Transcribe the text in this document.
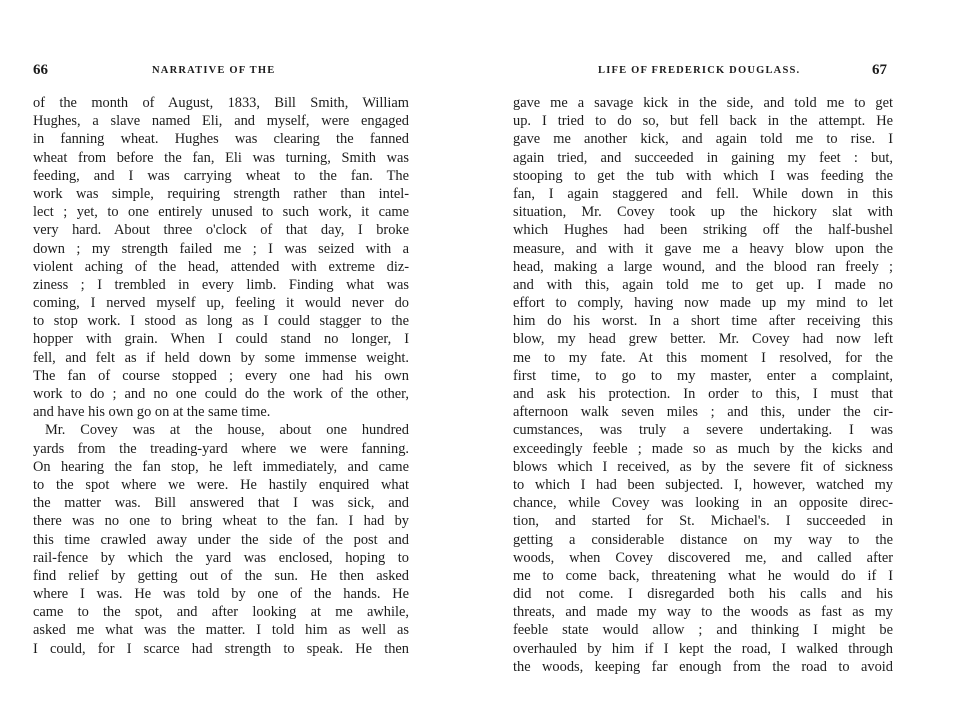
66	NARRATIVE OF THE
of the month of August, 1833, Bill Smith, William
Hughes, a slave named Eli, and myself, were engaged
in fanning wheat. Hughes was clearing the fanned
wheat from before the fan, Eli was turning, Smith was
feeding, and I was carrying wheat to the fan. The
work was simple, requiring strength rather than intel-
lect ; yet, to one entirely unused to such work, it came
very hard. About three o'clock of that day, I broke
down ; my strength failed me ; I was seized with a
violent aching of the head, attended with extreme diz-
ziness ; I trembled in every limb. Finding what was
coming, I nerved myself up, feeling it would never do
to stop work. I stood as long as I could stagger to the
hopper with grain. When I could stand no longer, I
fell, and felt as if held down by some immense weight.
The fan of course stopped ; every one had his own
work to do ; and no one could do the work of the other,
and have his own go on at the same time.
Mr. Covey was at the house, about one hundred
yards from the treading-yard where we were fanning.
On hearing the fan stop, he left immediately, and came
to the spot where we were. He hastily enquired what
the matter was. Bill answered that I was sick, and
there was no one to bring wheat to the fan. I had by
this time crawled away under the side of the post and
rail-fence by which the yard was enclosed, hoping to
find relief by getting out of the sun. He then asked
where I was. He was told by one of the hands. He
came to the spot, and after looking at me awhile,
asked me what was the matter. I told him as well as
I could, for I scarce had strength to speak. He then
LIFE OF FREDERICK DOUGLASS.	67
gave me a savage kick in the side, and told me to get
up. I tried to do so, but fell back in the attempt. He
gave me another kick, and again told me to rise. I
again tried, and succeeded in gaining my feet : but,
stooping to get the tub with which I was feeding the
fan, I again staggered and fell. While down in this
situation, Mr. Covey took up the hickory slat with
which Hughes had been striking off the half-bushel
measure, and with it gave me a heavy blow upon the
head, making a large wound, and the blood ran freely ;
and with this, again told me to get up. I made no
effort to comply, having now made up my mind to let
him do his worst. In a short time after receiving this
blow, my head grew better. Mr. Covey had now left
me to my fate. At this moment I resolved, for the
first time, to go to my master, enter a complaint,
and ask his protection. In order to this, I must that
afternoon walk seven miles ; and this, under the cir-
cumstances, was truly a severe undertaking. I was
exceedingly feeble ; made so as much by the kicks and
blows which I received, as by the severe fit of sickness
to which I had been subjected. I, however, watched my
chance, while Covey was looking in an opposite direc-
tion, and started for St. Michael's. I succeeded in
getting a considerable distance on my way to the
woods, when Covey discovered me, and called after
me to come back, threatening what he would do if I
did not come. I disregarded both his calls and his
threats, and made my way to the woods as fast as my
feeble state would allow ; and thinking I might be
overhauled by him if I kept the road, I walked through
the woods, keeping far enough from the road to avoid
